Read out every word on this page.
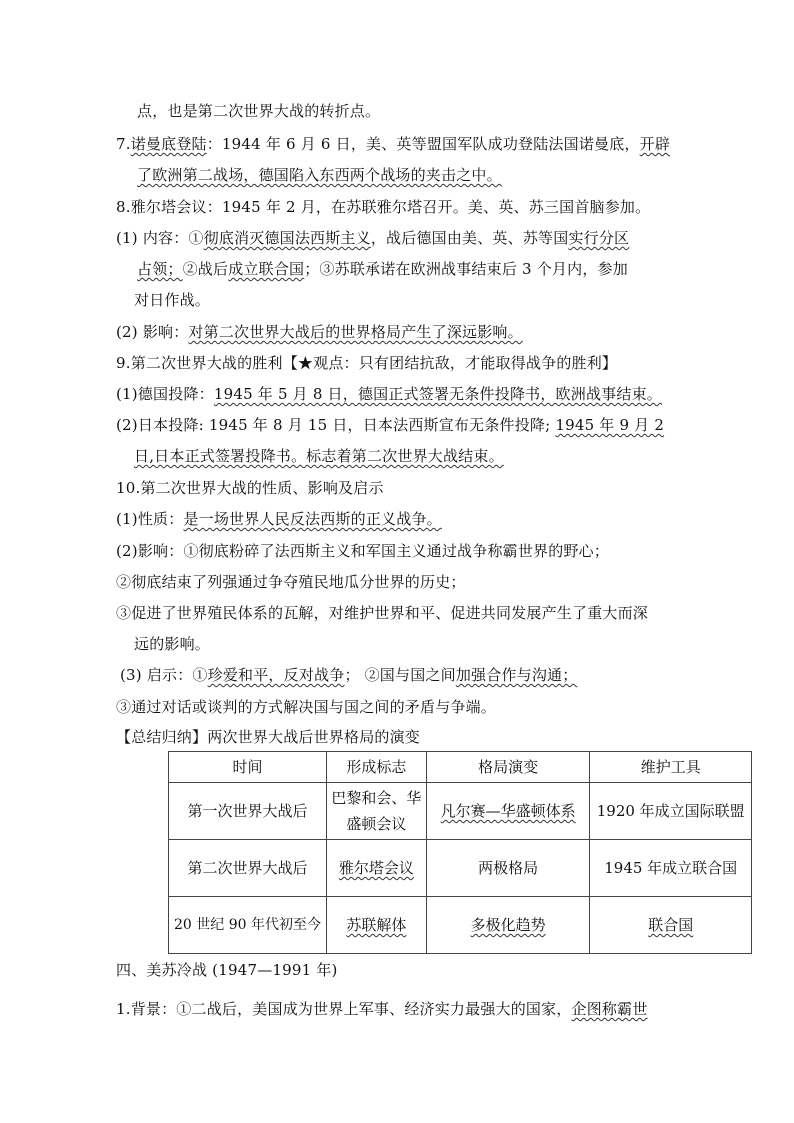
点，也是第二次世界大战的转折点。
7.诺曼底登陆：1944 年 6 月 6 日，美、英等盟国军队成功登陆法国诺曼底，开辟
了欧洲第二战场，德国陷入东西两个战场的夹击之中。
8.雅尔塔会议：1945 年 2 月，在苏联雅尔塔召开。美、英、苏三国首脑参加。
(1) 内容：①彻底消灭德国法西斯主义，战后德国由美、英、苏等国实行分区
占领；②战后成立联合国；③苏联承诺在欧洲战事结束后 3 个月内，参加
对日作战。
(2) 影响：对第二次世界大战后的世界格局产生了深远影响。
9.第二次世界大战的胜利【★观点：只有团结抗敌，才能取得战争的胜利】
(1)德国投降：1945 年 5 月 8 日，德国正式签署无条件投降书，欧洲战事结束。
(2)日本投降: 1945 年 8 月 15 日，日本法西斯宣布无条件投降; 1945 年 9 月 2
日,日本正式签署投降书。标志着第二次世界大战结束。
10.第二次世界大战的性质、影响及启示
(1)性质：是一场世界人民反法西斯的正义战争。
(2)影响：①彻底粉碎了法西斯主义和军国主义通过战争称霸世界的野心；
②彻底结束了列强通过争夺殖民地瓜分世界的历史；
③促进了世界殖民体系的瓦解，对维护世界和平、促进共同发展产生了重大而深
远的影响。
(3) 启示：①珍爱和平，反对战争； ②国与国之间加强合作与沟通；
③通过对话或谈判的方式解决国与国之间的矛盾与争端。
【总结归纳】两次世界大战后世界格局的演变
时间	形成标志	格局演变	维护工具
第一次世界大战后	巴黎和会、华盛顿会议	凡尔赛—华盛顿体系	1920 年成立国际联盟
第二次世界大战后	雅尔塔会议	两极格局	1945 年成立联合国
20 世纪 90 年代初至今	苏联解体	多极化趋势	联合国
四、美苏冷战 (1947—1991 年)
1.背景：①二战后，美国成为世界上军事、经济实力最强大的国家，企图称霸世
